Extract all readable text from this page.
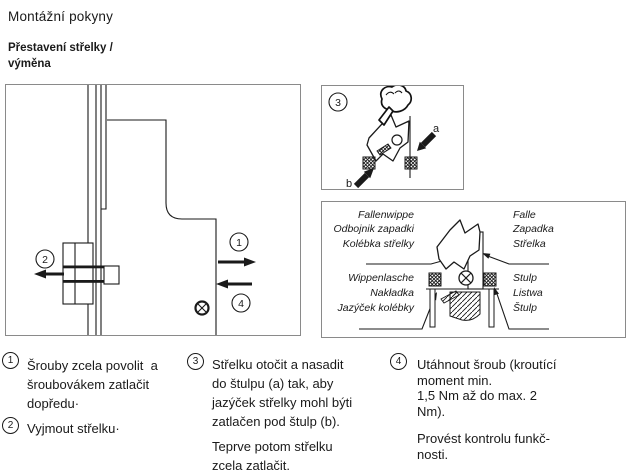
Montážní pokyny
Přestavení střelky /
výměna
1
4
2
3
a
b
Fallenwippe
Odbojnik zapadki
Kolébka střelky
Wippenlasche
Nakładka
Jazýček kolébky
Falle
Zapadka
Střelka
Stulp
Listwa
Štulp
1	Šrouby zcela povolit  a
šroubovákem zatlačit
dopředu·
2	Vyjmout střelku·
3	Střelku otočit a nasadit
do štulpu (a) tak, aby
jazýček střelky mohl býti
zatlačen pod štulp (b).
Teprve potom střelku
zcela zatlačit.
4	Utáhnout šroub (kroutící
moment min.
1,5 Nm až do max. 2
Nm).
Provést kontrolu funkč-
nosti.
